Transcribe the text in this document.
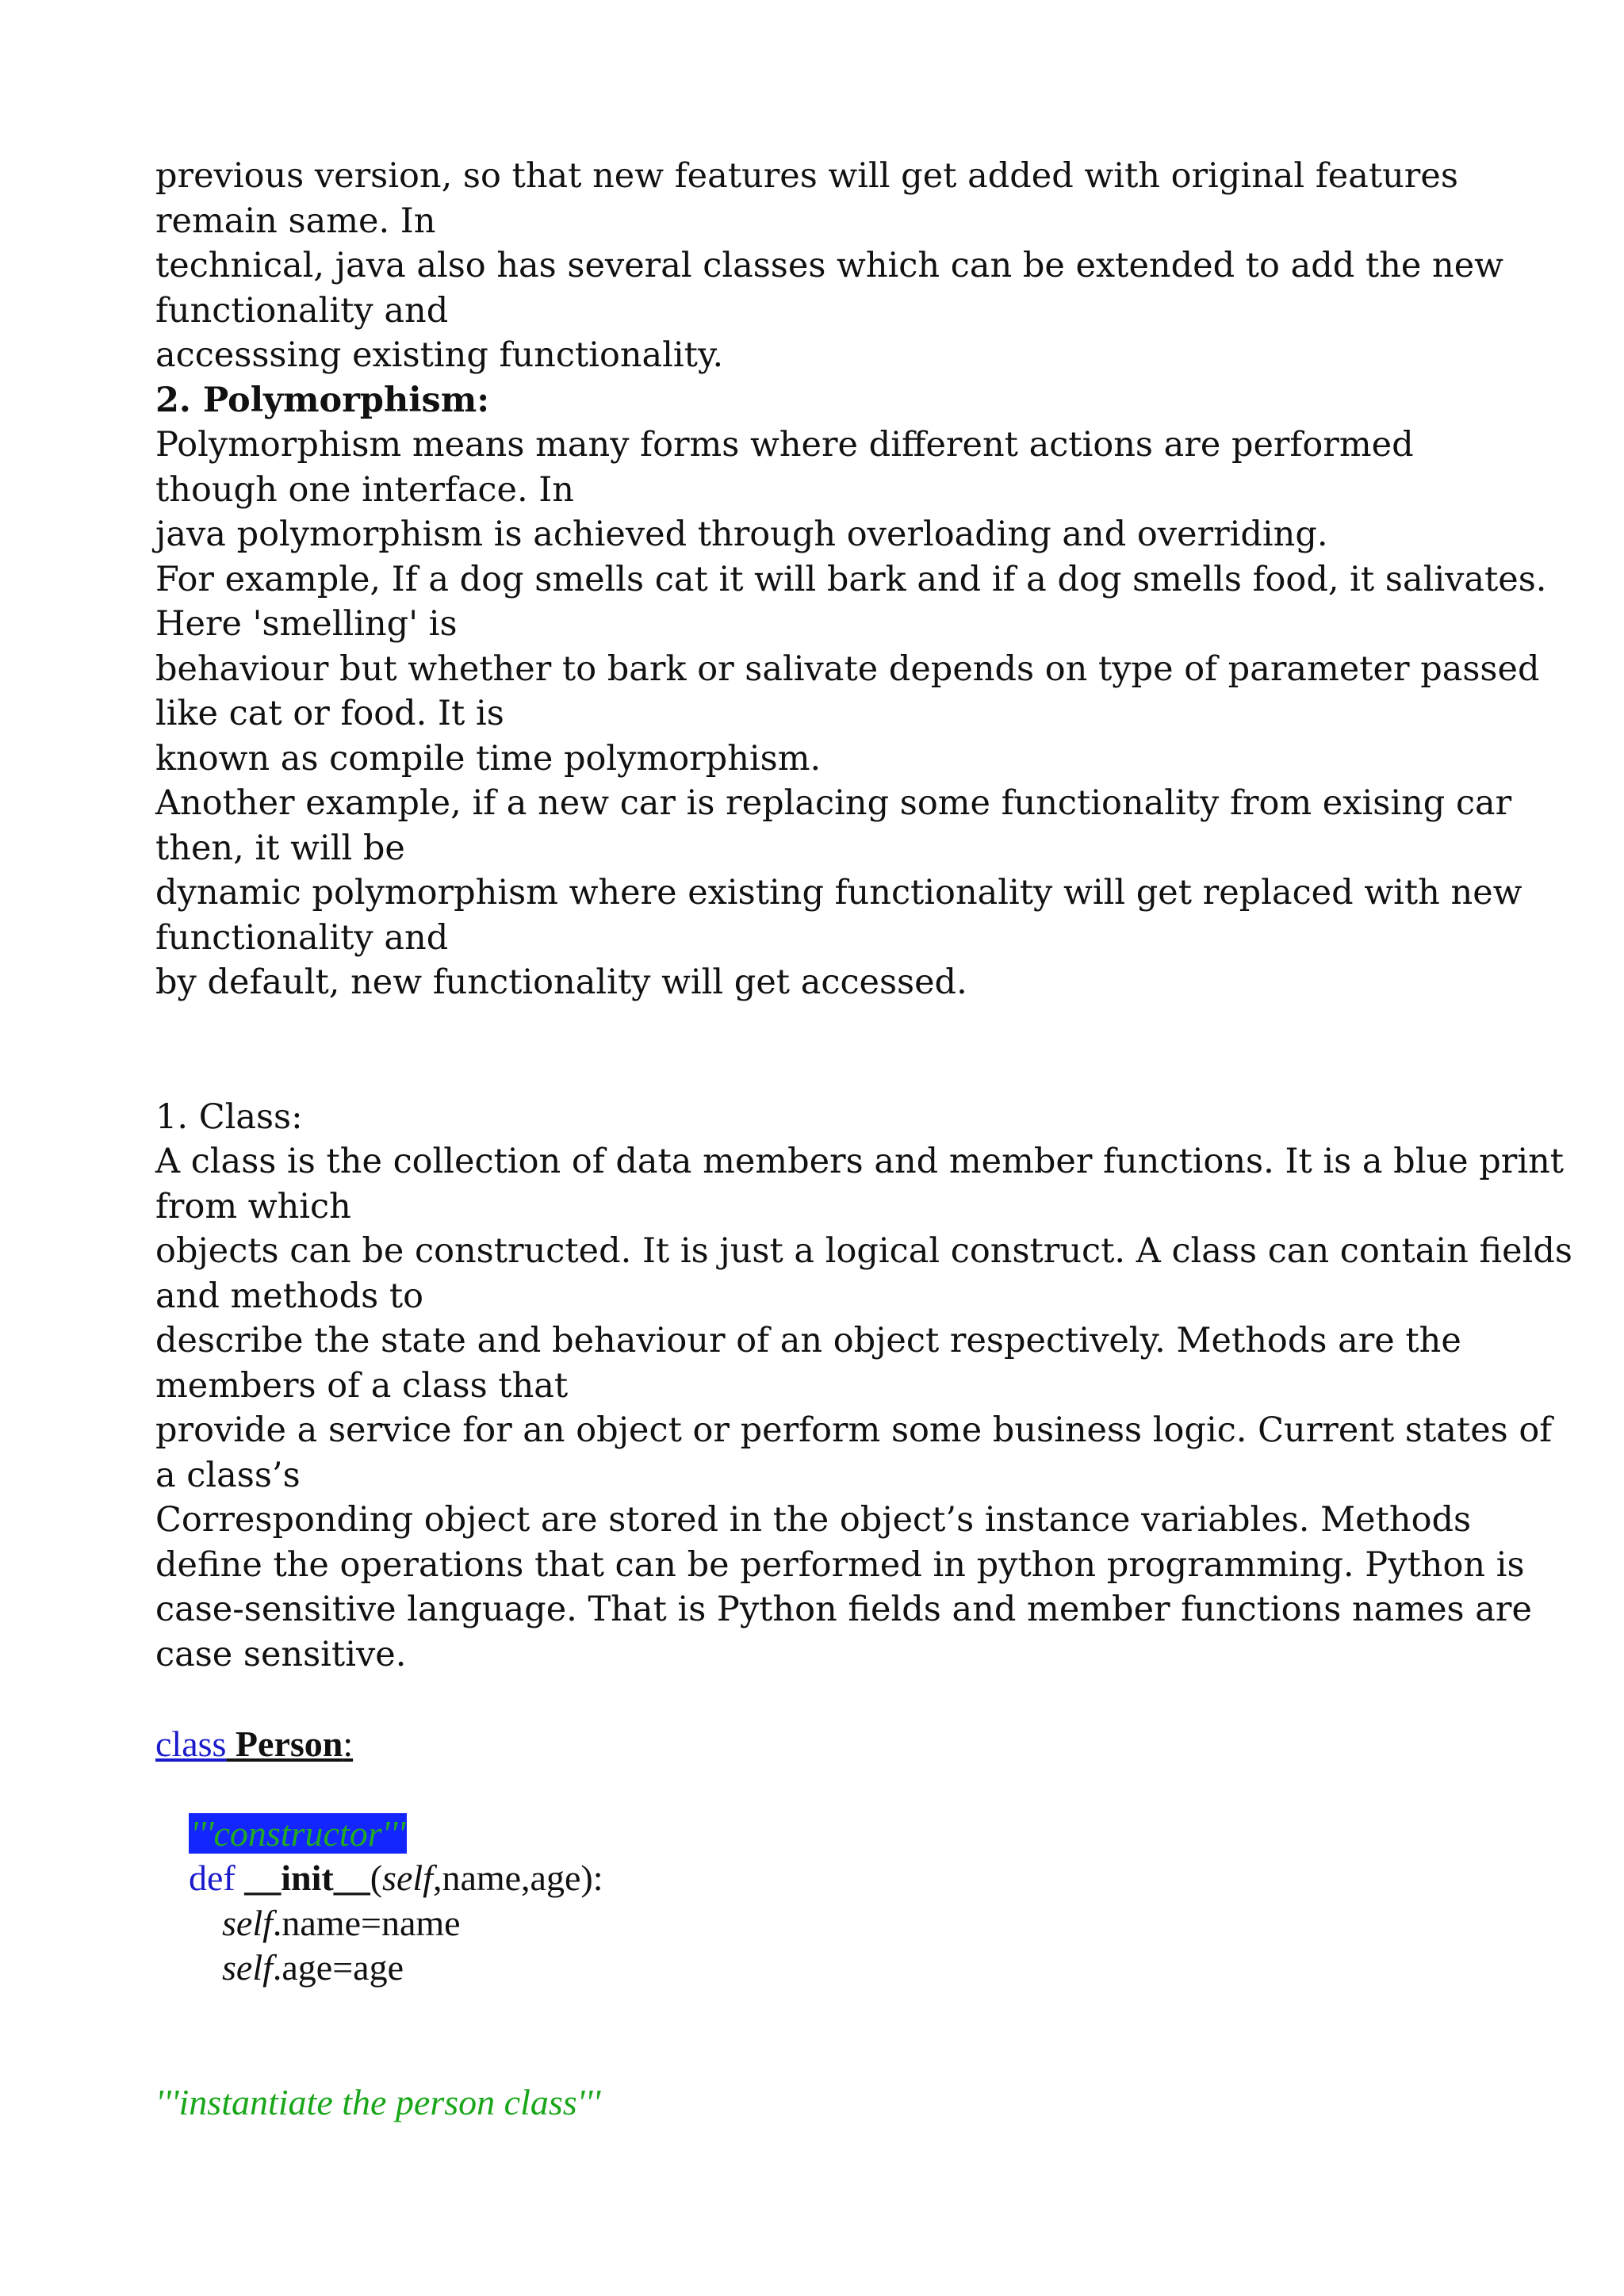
previous version, so that new features will get added with original features
remain same. In
technical, java also has several classes which can be extended to add the new
functionality and
accesssing existing functionality.
2. Polymorphism:
Polymorphism means many forms where different actions are performed
though one interface. In
java polymorphism is achieved through overloading and overriding.
For example, If a dog smells cat it will bark and if a dog smells food, it salivates.
Here 'smelling' is
behaviour but whether to bark or salivate depends on type of parameter passed
like cat or food. It is
known as compile time polymorphism.
Another example, if a new car is replacing some functionality from exising car
then, it will be
dynamic polymorphism where existing functionality will get replaced with new
functionality and
by default, new functionality will get accessed.
1. Class:
A class is the collection of data members and member functions. It is a blue print
from which
objects can be constructed. It is just a logical construct. A class can contain fields
and methods to
describe the state and behaviour of an object respectively. Methods are the
members of a class that
provide a service for an object or perform some business logic. Current states of
a class’s
Corresponding object are stored in the object’s instance variables. Methods
define the operations that can be performed in python programming. Python is
case-sensitive language. That is Python fields and member functions names are
case sensitive.
class Person:
'''constructor'''
def __init__(self,name,age):
self.name=name
self.age=age
'''instantiate the person class'''
